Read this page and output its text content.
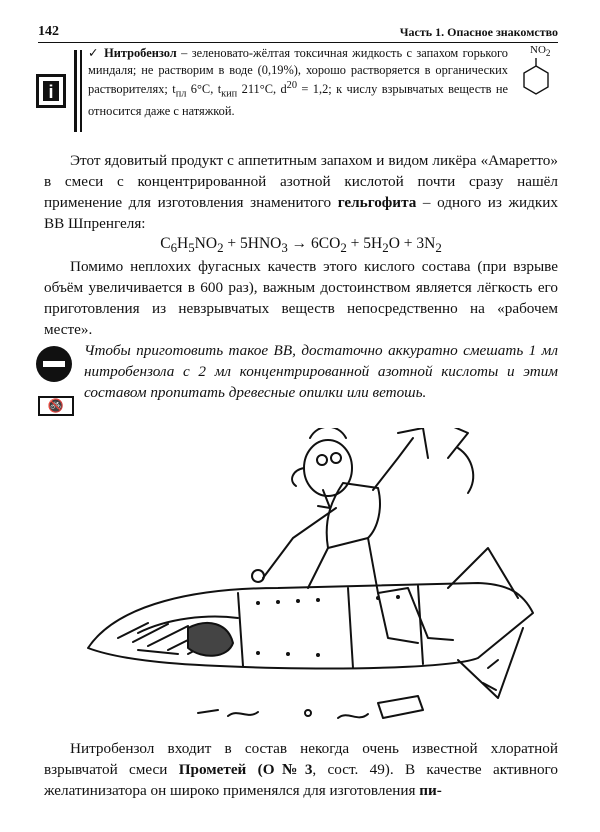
142	Часть 1. Опасное знакомство
i
✓ Нитробензол – зеленовато-жёлтая токсичная жидкость с запахом горького миндаля; не растворим в воде (0,19%), хорошо растворяется в органических растворителях; $t_{пл}$ 6°С, $t_{кип}$ 211°С, $d^{20} = 1,2$; к числу взрывчатых веществ не относится даже с натяжкой.
$NO_2$
Этот ядовитый продукт с аппетитным запахом и видом ликёра «Амаретто» в смеси с концентрированной азотной кислотой почти сразу нашёл применение для изготовления знаменитого гельгофита – одного из жидких ВВ Шпренгеля:
$C_6H_5NO_2 + 5HNO_3 \to 6CO_2 + 5H_2O + 3N_2$
Помимо неплохих фугасных качеств этого кислого состава (при взрыве объём увеличивается в 600 раз), важным достоинством является лёгкость его приготовления из невзрывчатых веществ непосредственно на «рабочем месте».
🚳
Чтобы приготовить такое ВВ, достаточно аккуратно смешать 1 мл нитробензола с 2 мл концентрированной азотной кислоты и этим составом пропитать древесные опилки или ветошь.
Нитробензол входит в состав некогда очень известной хлоратной взрывчатой смеси Прометей (О№3, сост. 49). В качестве активного желатинизатора он широко применялся для изготовления пи-
